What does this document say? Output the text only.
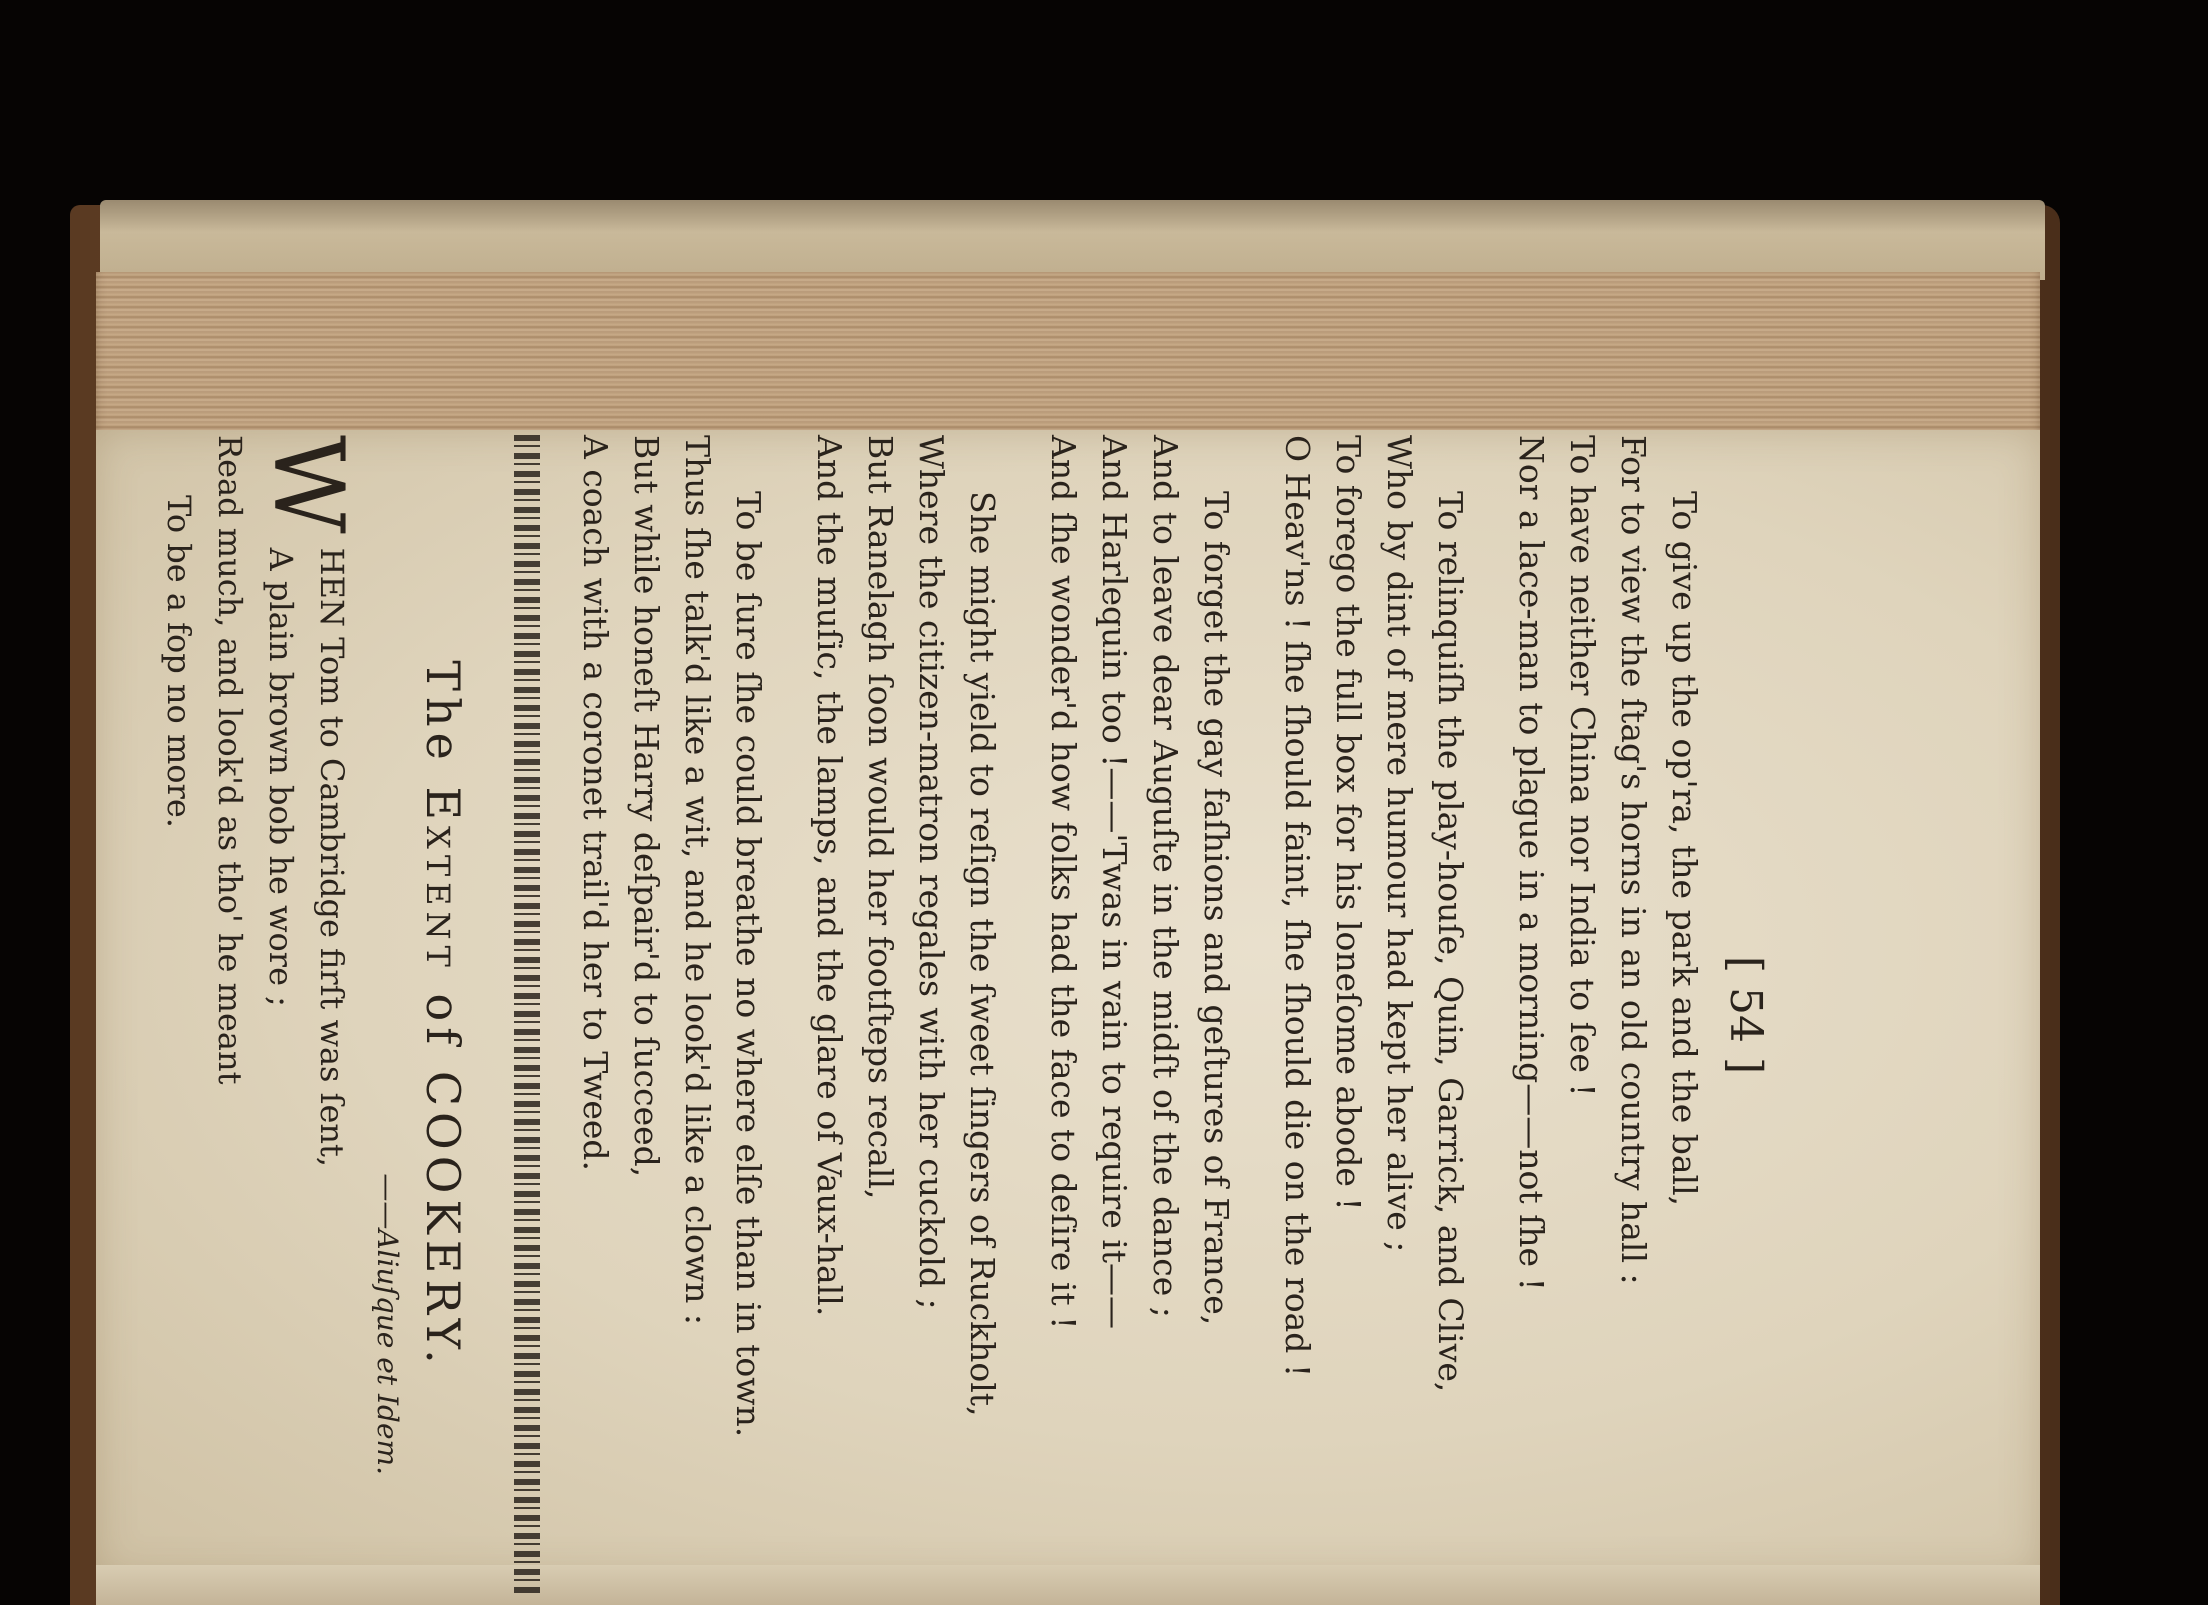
[ 54 ]

To give up the op'ra, the park and the ball,

For to view the ſtag's horns in an old country hall :

To have neither China nor India to ſee !

Nor a lace-man to plague in a morning——not ſhe !

To relinquiſh the play-houſe, Quin, Garrick, and Clive,

Who by dint of mere humour had kept her alive ;

To forego the full box for his loneſome abode !

O Heav'ns ! ſhe ſhould faint, ſhe ſhould die on the road !

To forget the gay faſhions and geſtures of France,

And to leave dear Auguſte in the midſt of the dance ;

And Harlequin too !——'Twas in vain to require it——

And ſhe wonder'd how folks had the face to deſire it !

She might yield to reſign the ſweet ſingers of Ruckholt,

Where the citizen-matron regales with her cuckold ;

But Ranelagh ſoon would her footſteps recall,

And the muſic, the lamps, and the glare of Vaux-hall.

To be ſure ſhe could breathe no where elſe than in town.

Thus ſhe talk'd like a wit, and he look'd like a clown :

But while honeſt Harry deſpair'd to ſucceed,

A coach with a coronet trail'd her to Tweed.

The Extent of COOKERY.

——Aliuſque et Idem.

W
HEN Tom to Cambridge firſt was ſent,

A plain brown bob he wore ;

Read much, and look'd as tho' he meant

To be a fop no more.
